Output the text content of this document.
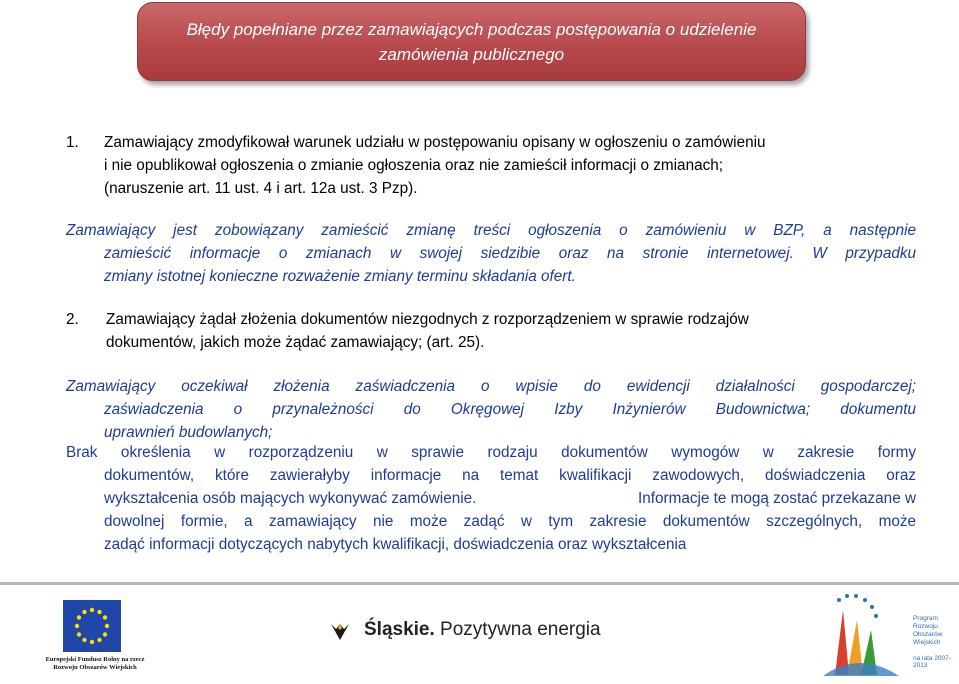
Błędy popełniane przez zamawiających podczas postępowania o udzielenie zamówienia publicznego
1. Zamawiający zmodyfikował warunek udziału w postępowaniu opisany w ogłoszeniu o zamówieniu
i nie opublikował ogłoszenia o zmianie ogłoszenia oraz nie zamieścił informacji o zmianach;
(naruszenie art. 11 ust. 4 i art. 12a ust. 3 Pzp).
Zamawiający jest zobowiązany zamieścić zmianę treści ogłoszenia o zamówieniu w BZP, a następnie
zamieścić informacje o zmianach w swojej siedzibie oraz na stronie internetowej. W przypadku
zmiany istotnej konieczne rozważenie zmiany terminu składania ofert.
2. Zamawiający żądał złożenia dokumentów niezgodnych z rozporządzeniem w sprawie rodzajów
dokumentów, jakich może żądać zamawiający; (art. 25).
Zamawiający oczekiwał złożenia zaświadczenia o wpisie do ewidencji działalności gospodarczej;
zaświadczenia o przynależności do Okręgowej Izby Inżynierów Budownictwa; dokumentu
uprawnień budowlanych;
Brak określenia w rozporządzeniu w sprawie rodzaju dokumentów wymogów w zakresie formy
dokumentów, które zawierałyby informacje na temat kwalifikacji zawodowych, doświadczenia oraz
wykształcenia osób mających wykonywać zamówienie.	Informacje te mogą zostać przekazane w
dowolnej formie, a zamawiający nie może zadąć w tym zakresie dokumentów szczególnych, może
zadąć informacji dotyczących nabytych kwalifikacji, doświadczenia oraz wykształcenia
Europejski Fundusz Rolny na rzecz Rozwoju Obszarów Wiejskich
Śląskie. Pozytywna energia
Program
Rozwoju
Obszarów
Wiejskich
na lata 2007-2013
